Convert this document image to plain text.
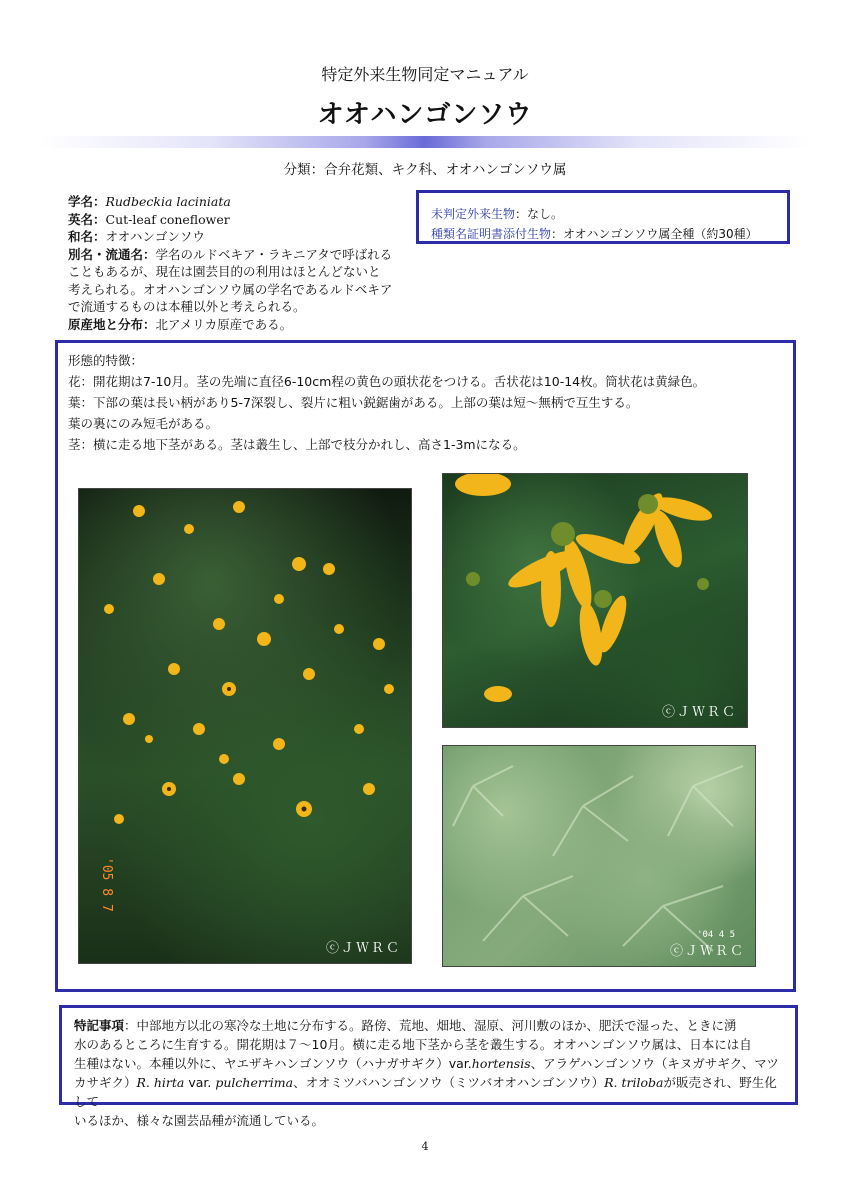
特定外来生物同定マニュアル
オオハンゴンソウ
分類：合弁花類、キク科、オオハンゴンソウ属
学名：Rudbeckia laciniata
英名：Cut-leaf coneflower
和名：オオハンゴンソウ
別名・流通名：学名のルドベキア・ラキニアタで呼ばれる
こともあるが、現在は園芸目的の利用はほとんどないと
考えられる。オオハンゴンソウ属の学名であるルドベキア
で流通するものは本種以外と考えられる。
原産地と分布：北アメリカ原産である。
未判定外来生物：なし。
種類名証明書添付生物：オオハンゴンソウ属全種（約30種）
形態的特徴：
花：開花期は7-10月。茎の先端に直径6-10cm程の黄色の頭状花をつける。舌状花は10-14枚。筒状花は黄緑色。
葉：下部の葉は長い柄があり5-7深裂し、裂片に粗い鋭鋸歯がある。上部の葉は短～無柄で互生する。
葉の裏にのみ短毛がある。
茎：横に走る地下茎がある。茎は叢生し、上部で枝分かれし、高さ1-3mになる。
'05 8 7
ⓒＪＷＲＣ
ⓒＪＷＲＣ
'04 4 5
ⓒＪＷＲＣ
特記事項：中部地方以北の寒冷な土地に分布する。路傍、荒地、畑地、湿原、河川敷のほか、肥沃で湿った、ときに湧
水のあるところに生育する。開花期は７～10月。横に走る地下茎から茎を叢生する。オオハンゴンソウ属は、日本には自
生種はない。本種以外に、ヤエザキハンゴンソウ（ハナガサギク）var.hortensis、アラゲハンゴンソウ（キヌガサギク、マツ
カサギク）R. hirta var. pulcherrima、オオミツバハンゴンソウ（ミツバオオハンゴンソウ）R. trilobaが販売され、野生化して
いるほか、様々な園芸品種が流通している。
4
